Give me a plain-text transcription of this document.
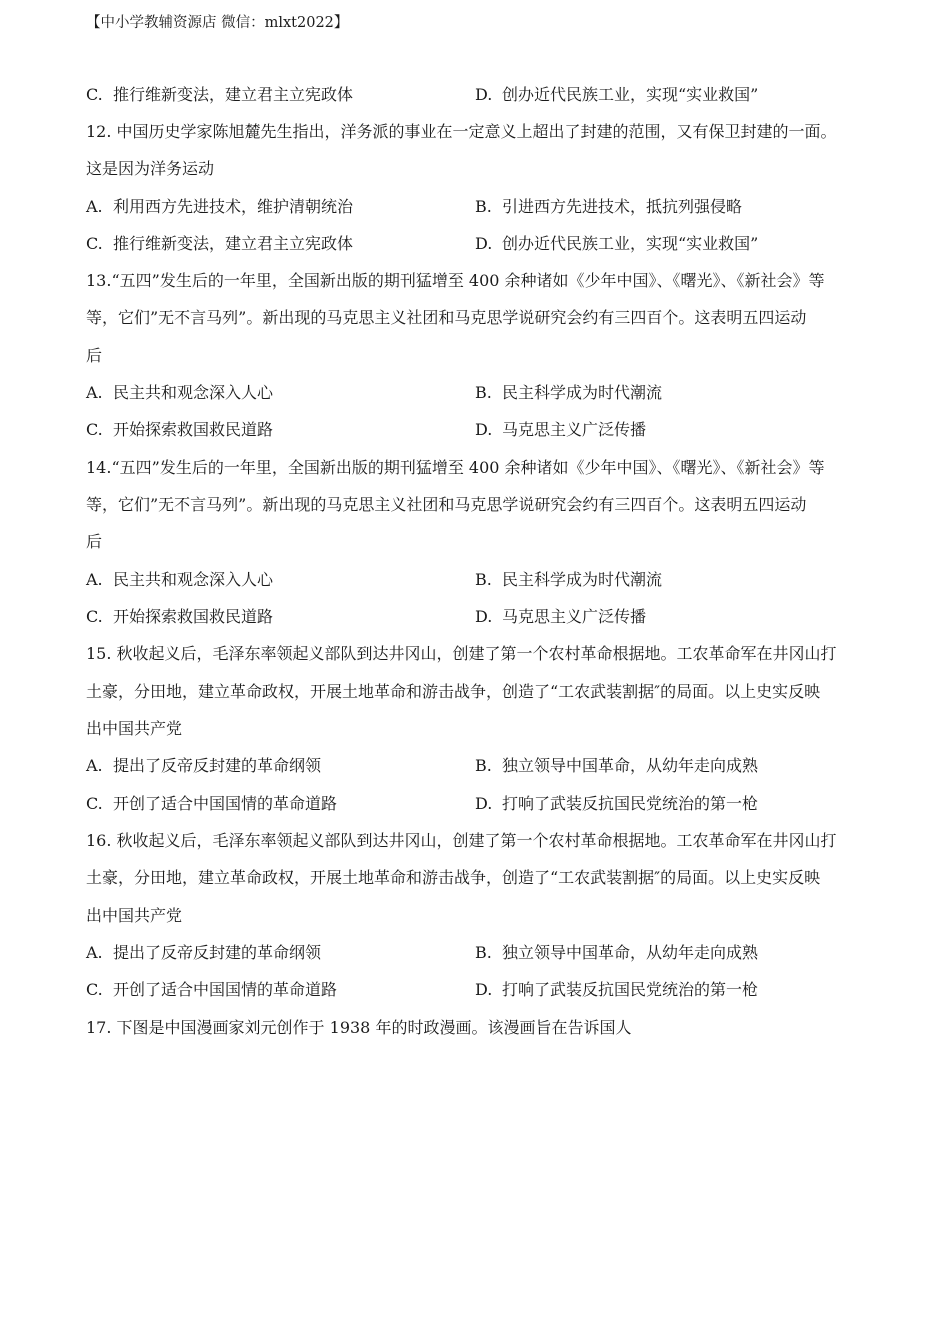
【中小学教辅资源店 微信：mlxt2022】
C. 推行维新变法，建立君主立宪政体	D. 创办近代民族工业，实现“实业救国”
12. 中国历史学家陈旭麓先生指出，洋务派的事业在一定意义上超出了封建的范围，又有保卫封建的一面。
这是因为洋务运动
A. 利用西方先进技术，维护清朝统治	B. 引进西方先进技术，抵抗列强侵略
C. 推行维新变法，建立君主立宪政体	D. 创办近代民族工业，实现“实业救国”
13.“五四”发生后的一年里，全国新出版的期刊猛增至 400 余种诸如《少年中国》、《曙光》、《新社会》等
等，它们”无不言马列”。新出现的马克思主义社团和马克思学说研究会约有三四百个。这表明五四运动
后
A. 民主共和观念深入人心	B. 民主科学成为时代潮流
C. 开始探索救国救民道路	D. 马克思主义广泛传播
14.“五四”发生后的一年里，全国新出版的期刊猛增至 400 余种诸如《少年中国》、《曙光》、《新社会》等
等，它们”无不言马列”。新出现的马克思主义社团和马克思学说研究会约有三四百个。这表明五四运动
后
A. 民主共和观念深入人心	B. 民主科学成为时代潮流
C. 开始探索救国救民道路	D. 马克思主义广泛传播
15. 秋收起义后，毛泽东率领起义部队到达井冈山，创建了第一个农村革命根据地。工农革命军在井冈山打
土豪，分田地，建立革命政权，开展土地革命和游击战争，创造了“工农武装割据″的局面。以上史实反映
出中国共产党
A. 提出了反帝反封建的革命纲领	B. 独立领导中国革命，从幼年走向成熟
C. 开创了适合中国国情的革命道路	D. 打响了武装反抗国民党统治的第一枪
16. 秋收起义后，毛泽东率领起义部队到达井冈山，创建了第一个农村革命根据地。工农革命军在井冈山打
土豪，分田地，建立革命政权，开展土地革命和游击战争，创造了“工农武装割据″的局面。以上史实反映
出中国共产党
A. 提出了反帝反封建的革命纲领	B. 独立领导中国革命，从幼年走向成熟
C. 开创了适合中国国情的革命道路	D. 打响了武装反抗国民党统治的第一枪
17. 下图是中国漫画家刘元创作于 1938 年的时政漫画。该漫画旨在告诉国人
